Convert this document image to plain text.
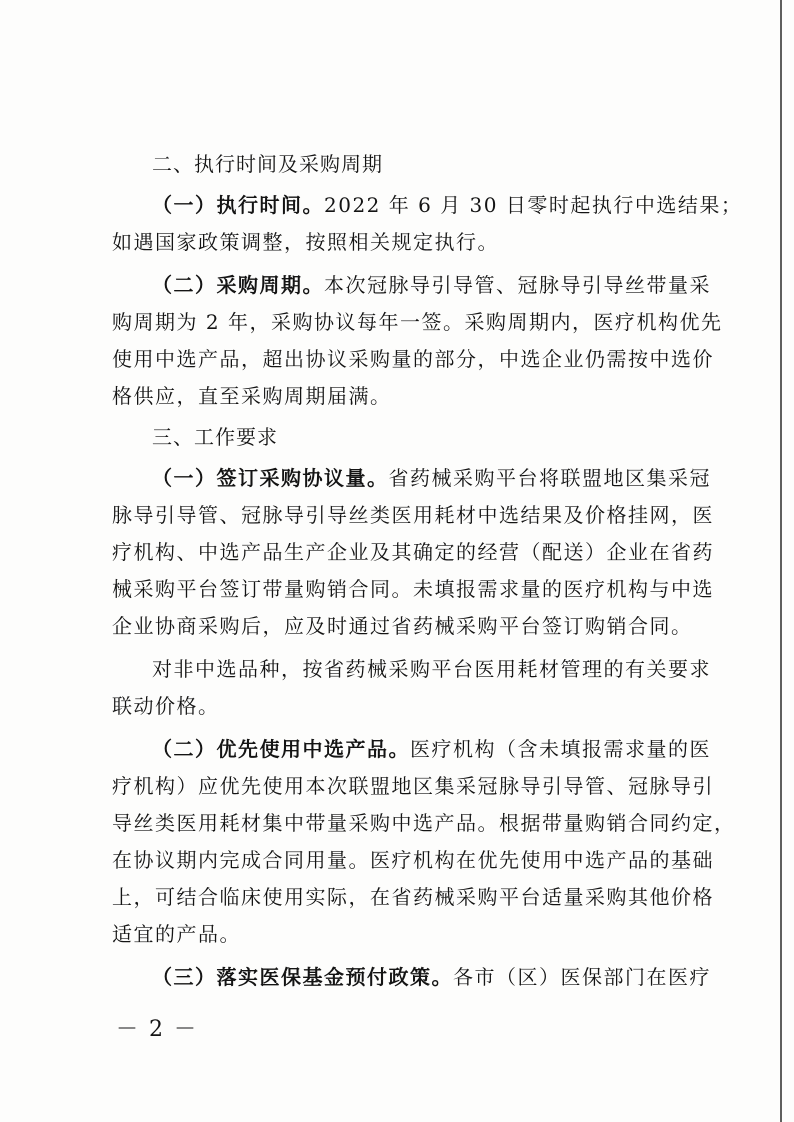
二、执行时间及采购周期
（一）执行时间。2022 年 6 月 30 日零时起执行中选结果；
如遇国家政策调整，按照相关规定执行。
（二）采购周期。本次冠脉导引导管、冠脉导引导丝带量采
购周期为 2 年，采购协议每年一签。采购周期内，医疗机构优先
使用中选产品，超出协议采购量的部分，中选企业仍需按中选价
格供应，直至采购周期届满。
三、工作要求
（一）签订采购协议量。省药械采购平台将联盟地区集采冠
脉导引导管、冠脉导引导丝类医用耗材中选结果及价格挂网，医
疗机构、中选产品生产企业及其确定的经营（配送）企业在省药
械采购平台签订带量购销合同。未填报需求量的医疗机构与中选
企业协商采购后，应及时通过省药械采购平台签订购销合同。
对非中选品种，按省药械采购平台医用耗材管理的有关要求
联动价格。
（二）优先使用中选产品。医疗机构（含未填报需求量的医
疗机构）应优先使用本次联盟地区集采冠脉导引导管、冠脉导引
导丝类医用耗材集中带量采购中选产品。根据带量购销合同约定，
在协议期内完成合同用量。医疗机构在优先使用中选产品的基础
上，可结合临床使用实际，在省药械采购平台适量采购其他价格
适宜的产品。
（三）落实医保基金预付政策。各市（区）医保部门在医疗
－ 2 －
